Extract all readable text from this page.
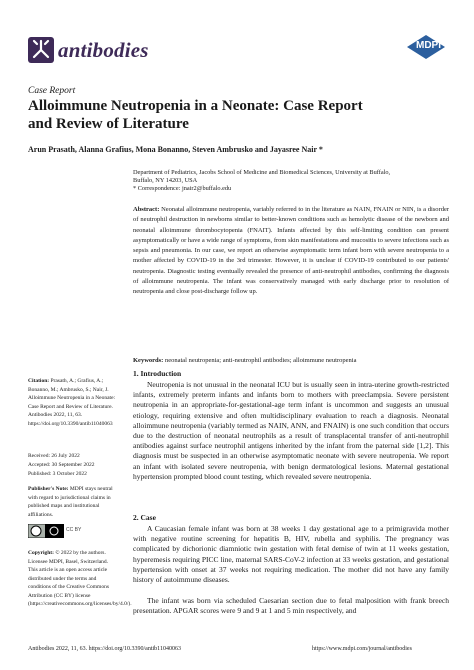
antibodies	MDPI
Case Report
Alloimmune Neutropenia in a Neonate: Case Report
and Review of Literature
Arun Prasath, Alanna Grafius, Mona Bonanno, Steven Ambrusko and Jayasree Nair *
Department of Pediatrics, Jacobs School of Medicine and Biomedical Sciences, University at Buffalo,
Buffalo, NY 14203, USA
* Correspondence: jnair2@buffalo.edu
Abstract: Neonatal alloimmune neutropenia, variably referred to in the literature as NAIN, FNAIN or NIN, is a disorder of neutrophil destruction in newborns similar to better-known conditions such as hemolytic disease of the newborn and neonatal alloimmune thrombocytopenia (FNAIT). Infants affected by this self-limiting condition can present asymptomatically or have a wide range of symptoms, from skin manifestations and mucositis to severe infections such as sepsis and pneumonia. In our case, we report an otherwise asymptomatic term infant born with severe neutropenia to a mother affected by COVID-19 in the 3rd trimester. However, it is unclear if COVID-19 contributed to our patients' neutropenia. Diagnostic testing eventually revealed the presence of anti-neutrophil antibodies, confirming the diagnosis of alloimmune neutropenia. The infant was conservatively managed with early discharge prior to resolution of neutropenia and close post-discharge follow up.
Keywords: neonatal neutropenia; anti-neutrophil antibodies; alloimmune neutropenia
Citation: Prasath, A.; Grafius, A.; Bonanno, M.; Ambrusko, S.; Nair, J. Alloimmune Neutropenia in a Neonate: Case Report and Review of Literature. Antibodies 2022, 11, 63. https://doi.org/10.3390/antib11040063
Received: 26 July 2022
Accepted: 30 September 2022
Published: 3 October 2022
Publisher's Note: MDPI stays neutral with regard to jurisdictional claims in published maps and institutional affiliations.
CC BY
Copyright: © 2022 by the authors. Licensee MDPI, Basel, Switzerland. This article is an open access article distributed under the terms and conditions of the Creative Commons Attribution (CC BY) license (https://creativecommons.org/licenses/by/4.0/).
1. Introduction
Neutropenia is not unusual in the neonatal ICU but is usually seen in intra-uterine growth-restricted infants, extremely preterm infants and infants born to mothers with preeclampsia. Severe persistent neutropenia in an appropriate-for-gestational-age term infant is uncommon and suggests an unusual etiology, requiring extensive and often multidisciplinary evaluation to reach a diagnosis. Neonatal alloimmune neutropenia (variably termed as NAIN, ANN, and FNAIN) is one such condition that occurs due to the destruction of neonatal neutrophils as a result of transplacental transfer of anti-neutrophil antibodies against surface neutrophil antigens inherited by the infant from the paternal side [1,2]. This diagnosis must be suspected in an otherwise asymptomatic neonate with severe neutropenia. We report an infant with isolated severe neutropenia, with benign dermatological lesions. Maternal gestational hypertension prompted blood count testing, which revealed severe neutropenia.
2. Case
A Caucasian female infant was born at 38 weeks 1 day gestational age to a primigravida mother with negative routine screening for hepatitis B, HIV, rubella and syphilis. The pregnancy was complicated by dichorionic diamniotic twin gestation with fetal demise of twin at 11 weeks gestation, hyperemesis requiring PICC line, maternal SARS-CoV-2 infection at 33 weeks gestation, and gestational hypertension with onset at 37 weeks not requiring medication. The mother did not have any family history of autoimmune diseases.
The infant was born via scheduled Caesarian section due to fetal malposition with frank breech presentation. APGAR scores were 9 and 9 at 1 and 5 min respectively, and
Antibodies 2022, 11, 63. https://doi.org/10.3390/antib11040063	https://www.mdpi.com/journal/antibodies
